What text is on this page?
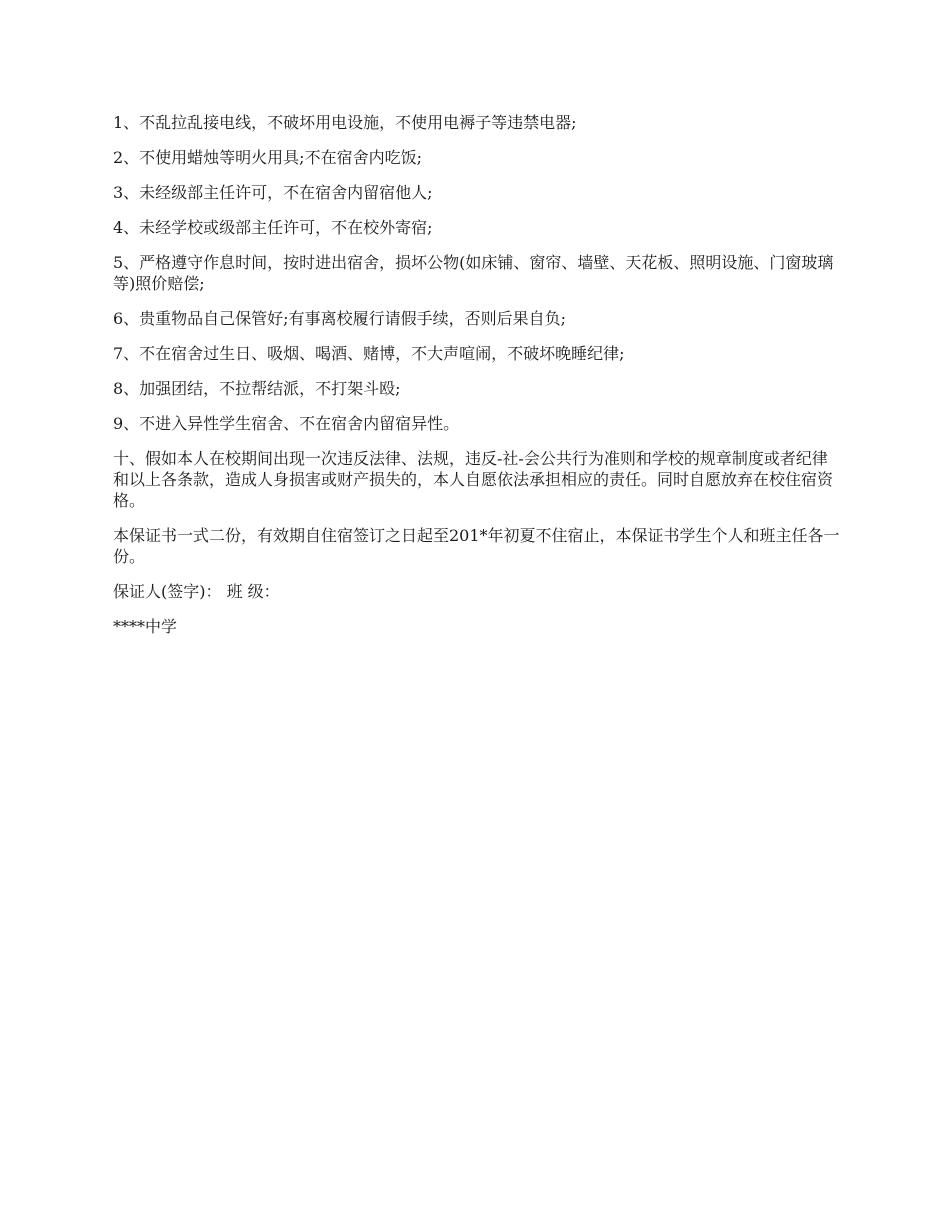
1、不乱拉乱接电线，不破坏用电设施，不使用电褥子等违禁电器;

2、不使用蜡烛等明火用具;不在宿舍内吃饭;

3、未经级部主任许可，不在宿舍内留宿他人;

4、未经学校或级部主任许可，不在校外寄宿;

5、严格遵守作息时间，按时进出宿舍，损坏公物(如床铺、窗帘、墙壁、天花板、照明设施、门窗玻璃等)照价赔偿;

6、贵重物品自己保管好;有事离校履行请假手续，否则后果自负;

7、不在宿舍过生日、吸烟、喝酒、赌博，不大声喧闹，不破坏晚睡纪律;

8、加强团结，不拉帮结派，不打架斗殴;

9、不进入异性学生宿舍、不在宿舍内留宿异性。

十、假如本人在校期间出现一次违反法律、法规，违反-社-会公共行为准则和学校的规章制度或者纪律和以上各条款，造成人身损害或财产损失的，本人自愿依法承担相应的责任。同时自愿放弃在校住宿资格。

本保证书一式二份，有效期自住宿签订之日起至201*年初夏不住宿止，本保证书学生个人和班主任各一份。

保证人(签字)： 班 级：

****中学
